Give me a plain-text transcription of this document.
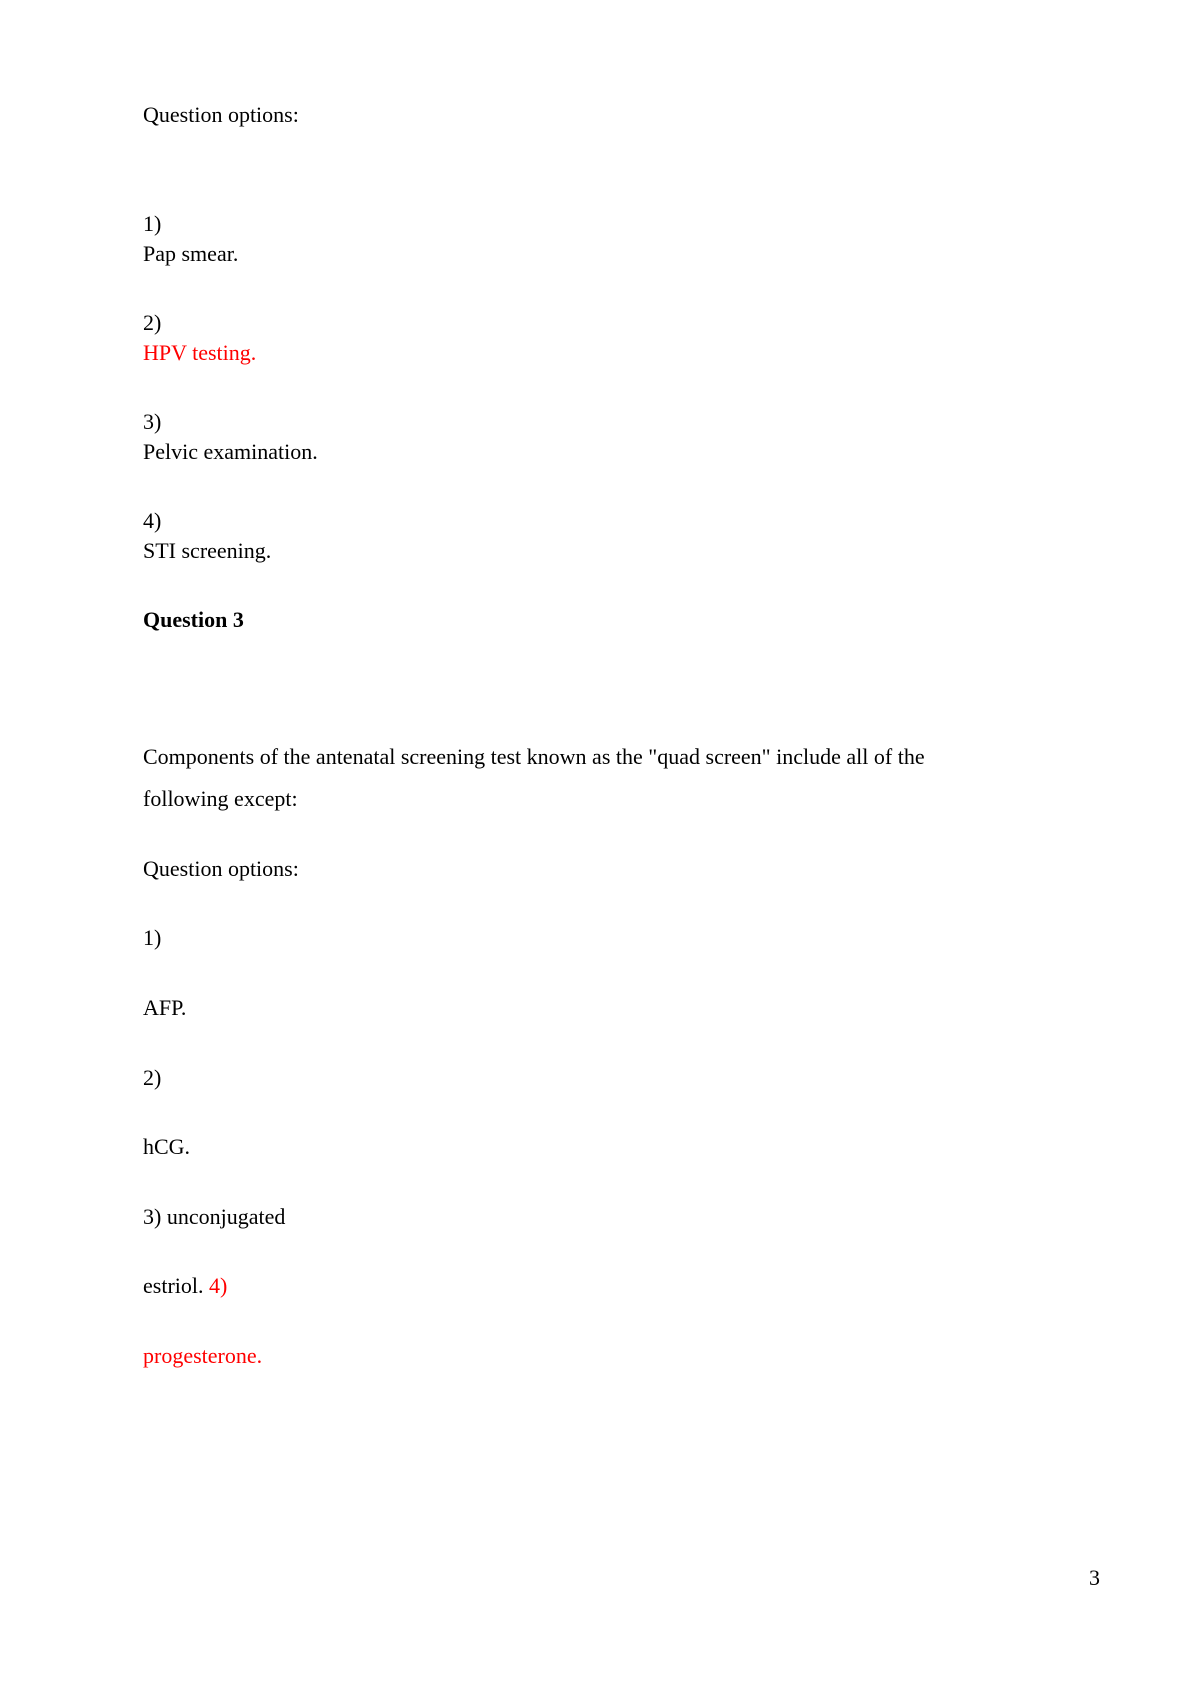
Question options:
1)
Pap smear.
2)
HPV testing.
3)
Pelvic examination.
4)
STI screening.
Question 3
Components of the antenatal screening test known as the "quad screen" include all of the
following except:
Question options:
1)
AFP.
2)
hCG.
3) unconjugated
estriol. 4)
progesterone.
3
